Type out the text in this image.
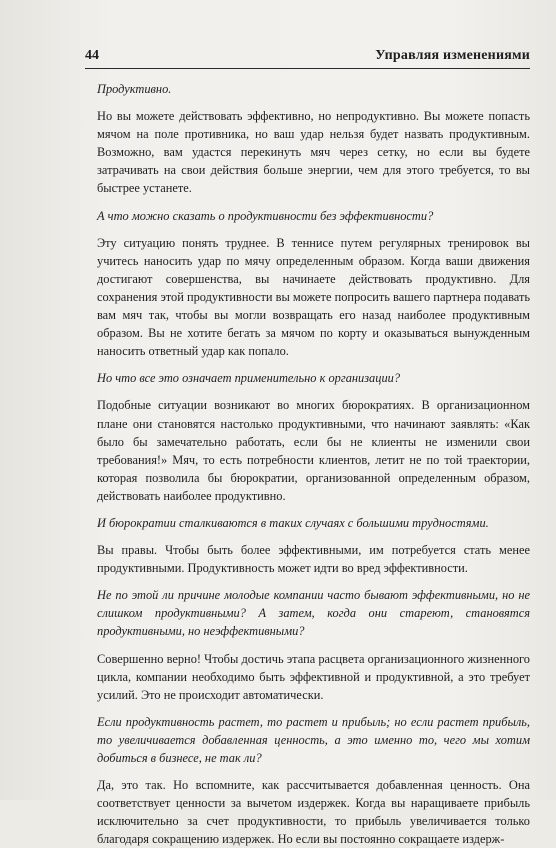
44	Управляя изменениями

Продуктивно.

Но вы можете действовать эффективно, но непродуктивно. Вы можете попасть мячом на поле противника, но ваш удар нельзя будет назвать продуктивным. Возможно, вам удастся перекинуть мяч через сетку, но если вы будете затрачивать на свои действия больше энергии, чем для этого требуется, то вы быстрее устанете.

А что можно сказать о продуктивности без эффективности?

Эту ситуацию понять труднее. В теннисе путем регулярных тренировок вы учитесь наносить удар по мячу определенным образом. Когда ваши движения достигают совершенства, вы начинаете действовать продуктивно. Для сохранения этой продуктивности вы можете попросить вашего партнера подавать вам мяч так, чтобы вы могли возвращать его назад наиболее продуктивным образом. Вы не хотите бегать за мячом по корту и оказываться вынужденным наносить ответный удар как попало.

Но что все это означает применительно к организации?

Подобные ситуации возникают во многих бюрократиях. В организационном плане они становятся настолько продуктивными, что начинают заявлять: «Как было бы замечательно работать, если бы не клиенты не изменили свои требования!» Мяч, то есть потребности клиентов, летит не по той траектории, которая позволила бы бюрократии, организованной определенным образом, действовать наиболее продуктивно.

И бюрократии сталкиваются в таких случаях с большими трудностями.

Вы правы. Чтобы быть более эффективными, им потребуется стать менее продуктивными. Продуктивность может идти во вред эффективности.

Не по этой ли причине молодые компании часто бывают эффективными, но не слишком продуктивными? А затем, когда они стареют, становятся продуктивными, но неэффективными?

Совершенно верно! Чтобы достичь этапа расцвета организационного жизненного цикла, компании необходимо быть эффективной и продуктивной, а это требует усилий. Это не происходит автоматически.

Если продуктивность растет, то растет и прибыль; но если растет прибыль, то увеличивается добавленная ценность, а это именно то, чего мы хотим добиться в бизнесе, не так ли?

Да, это так. Но вспомните, как рассчитывается добавленная ценность. Она соответствует ценности за вычетом издержек. Когда вы наращиваете прибыль исключительно за счет продуктивности, то прибыль увеличивается только благодаря сокращению издержек. Но если вы постоянно сокращаете издерж-
